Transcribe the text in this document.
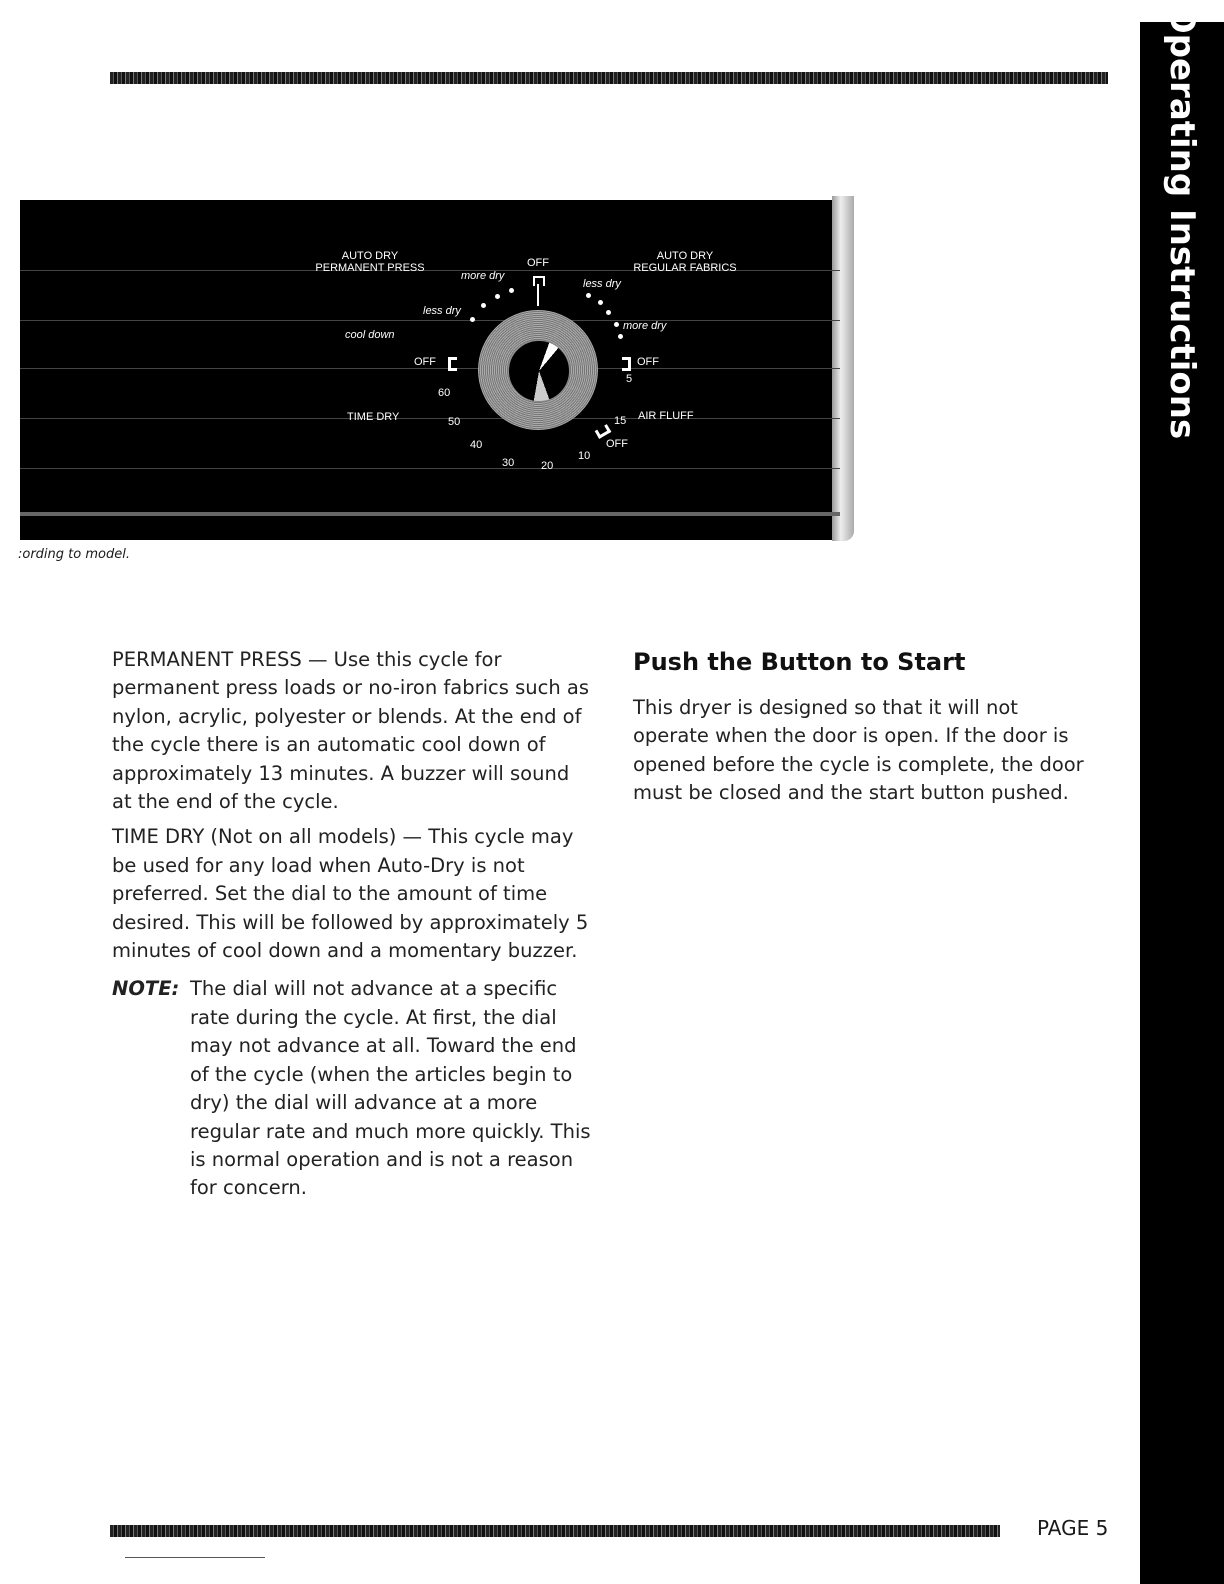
AUTO DRY
PERMANENT PRESS
AUTO DRY
REGULAR FABRICS
OFF
more dry
less dry
cool down
OFF
60
TIME DRY	50
40
30 20
10
less dry
more dry
OFF
5
15 AIR FLUFF
OFF
:ording to model.

PERMANENT PRESS — Use this cycle for permanent press loads or no-iron fabrics such as nylon, acrylic, polyester or blends. At the end of the cycle there is an automatic cool down of approximately 13 minutes. A buzzer will sound at the end of the cycle.

TIME DRY (Not on all models) — This cycle may be used for any load when Auto-Dry is not preferred. Set the dial to the amount of time desired. This will be followed by approximately 5 minutes of cool down and a momentary buzzer.

NOTE: The dial will not advance at a specific rate during the cycle. At first, the dial may not advance at all. Toward the end of the cycle (when the articles begin to dry) the dial will advance at a more regular rate and much more quickly. This is normal operation and is not a reason for concern.
Push the Button to Start
This dryer is designed so that it will not operate when the door is open. If the door is opened before the cycle is complete, the door must be closed and the start button pushed.
Operating Instructions
PAGE 5
